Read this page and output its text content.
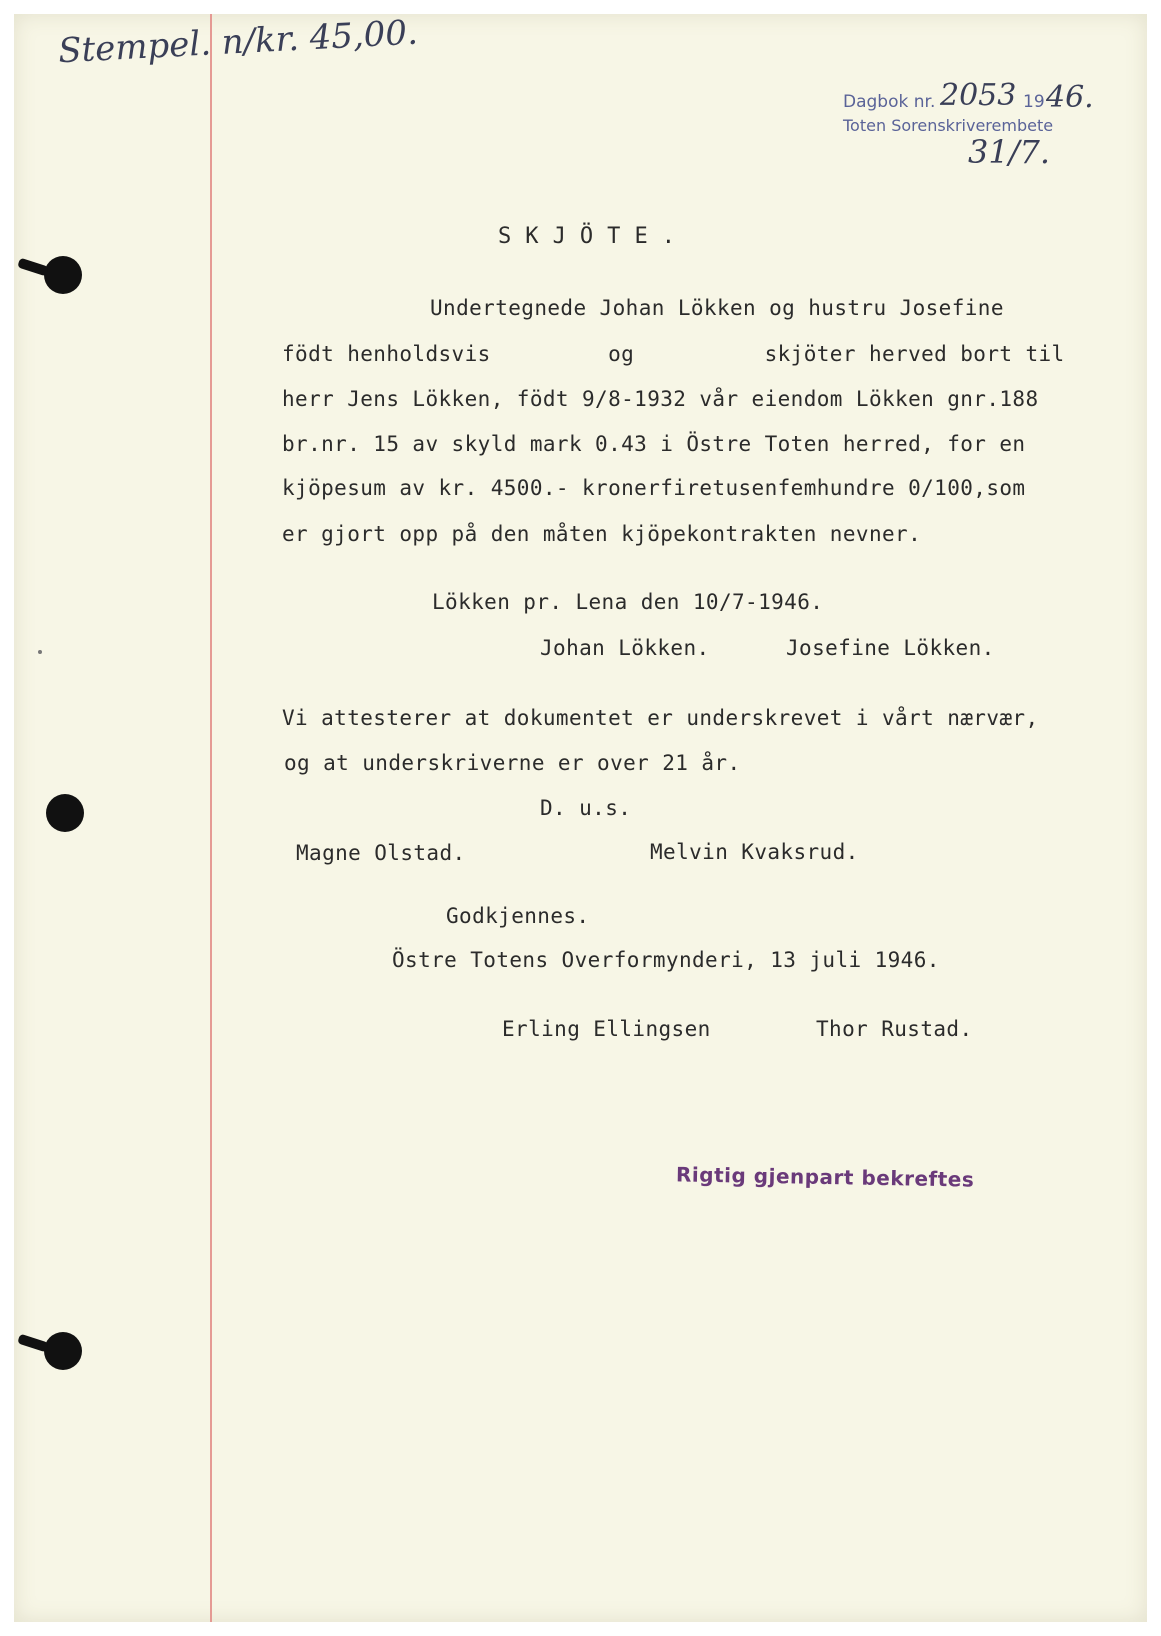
Stempel. n/kr. 45,00.
Dagbok nr. 2053 19 46.
Toten Sorenskriverembete
31/7.
S K J Ö T E .
Undertegnede Johan Lökken og hustru Josefine
födt henholdsvis         og          skjöter herved bort til
herr Jens Lökken, födt 9/8-1932 vår eiendom Lökken gnr.188
br.nr. 15 av skyld mark 0.43 i Östre Toten herred, for en
kjöpesum av kr. 4500.- kronerfiretusenfemhundre 0/100,som
er gjort opp på den måten kjöpekontrakten nevner.
Lökken pr. Lena den 10/7-1946.
Johan Lökken.	Josefine Lökken.
Vi attesterer at dokumentet er underskrevet i vårt nærvær,
og at underskriverne er over 21 år.
D. u.s.
Magne Olstad.	Melvin Kvaksrud.
Godkjennes.
Östre Totens Overformynderi, 13 juli 1946.
Erling Ellingsen	Thor Rustad.
Rigtig gjenpart bekreftes
